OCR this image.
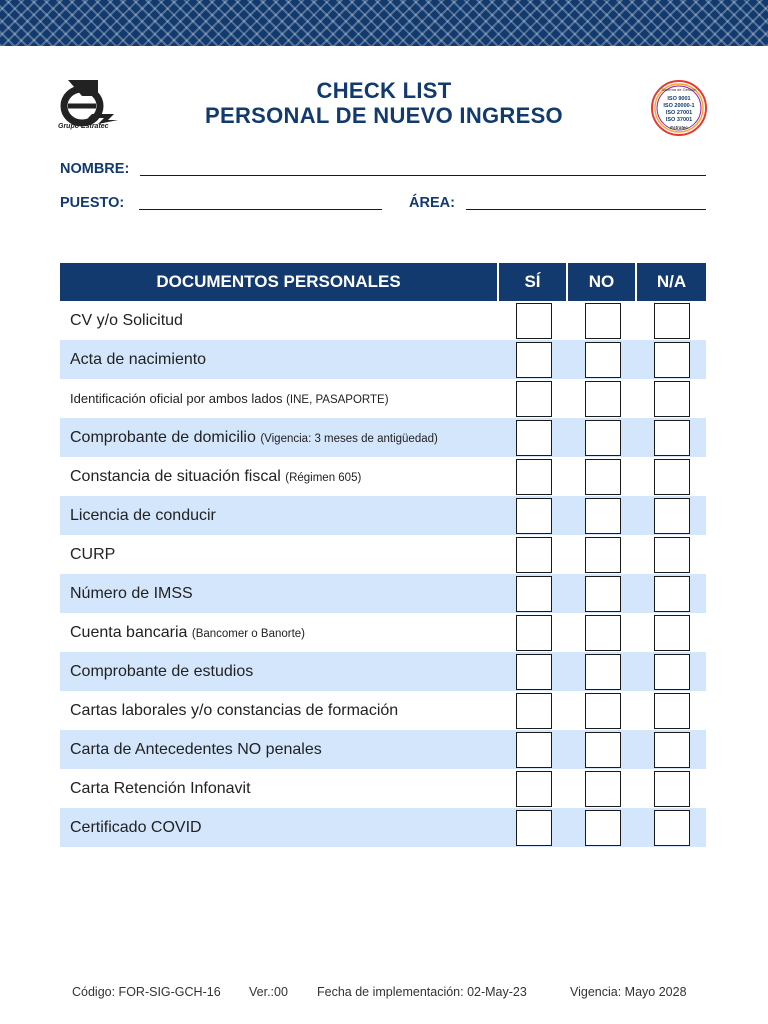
Grupo Estratec
CHECK LIST
PERSONAL DE NUEVO INGRESO
Sistema de Gestión
ISO 9001
ISO 20000-1
ISO 27001
ISO 37001
Estratec
NOMBRE:
PUESTO:	ÁREA:
DOCUMENTOS PERSONALES	SÍ	NO	N/A
CV y/o Solicitud
Acta de nacimiento
Identificación oficial por ambos lados (INE, PASAPORTE)
Comprobante de domicilio (Vigencia: 3 meses de antigüedad)
Constancia de situación fiscal (Régimen 605)
Licencia de conducir
CURP
Número de IMSS
Cuenta bancaria (Bancomer o Banorte)
Comprobante de estudios
Cartas laborales y/o constancias de formación
Carta de Antecedentes NO penales
Carta Retención Infonavit
Certificado COVID
Código: FOR-SIG-GCH-16 Ver.:00 Fecha de implementación: 02-May-23	Vigencia: Mayo 2028
